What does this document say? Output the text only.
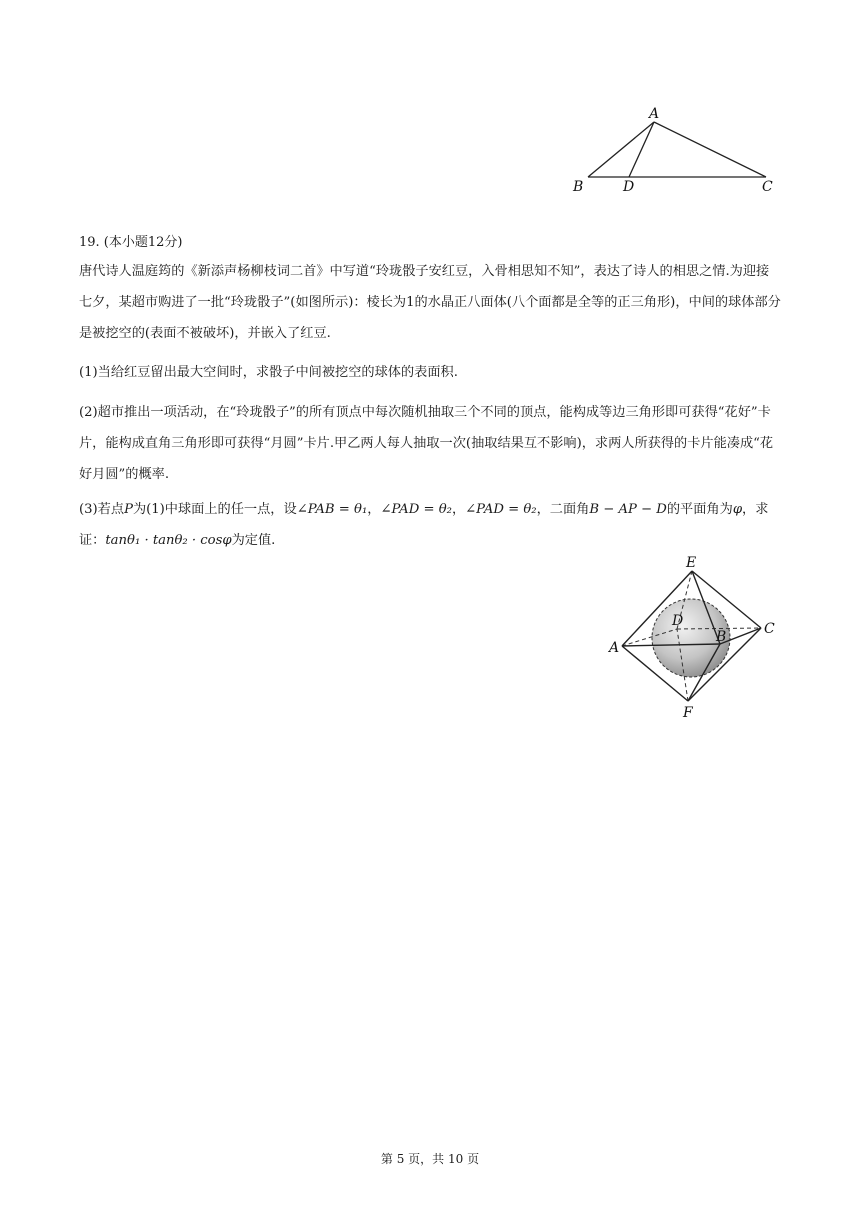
A
B	D	C
19. (本小题12分)
唐代诗人温庭筠的《新添声杨柳枝词二首》中写道“玲珑骰子安红豆，入骨相思知不知”，表达了诗人的相思之情.为迎接七夕，某超市购进了一批“玲珑骰子”(如图所示)：棱长为1的水晶正八面体(八个面都是全等的正三角形)，中间的球体部分是被挖空的(表面不被破坏)，并嵌入了红豆.
(1)当给红豆留出最大空间时，求骰子中间被挖空的球体的表面积.
(2)超市推出一项活动，在“玲珑骰子”的所有顶点中每次随机抽取三个不同的顶点，能构成等边三角形即可获得“花好”卡片，能构成直角三角形即可获得“月圆”卡片.甲乙两人每人抽取一次(抽取结果互不影响)，求两人所获得的卡片能凑成“花好月圆”的概率.
(3)若点P为(1)中球面上的任一点，设∠PAB = θ₁，∠PAD = θ₂，∠PAD = θ₂，二面角B − AP − D的平面角为φ，求证：tanθ₁ · tanθ₂ · cosφ为定值.
E
D
B	C
A
F
第 5 页，共 10 页
